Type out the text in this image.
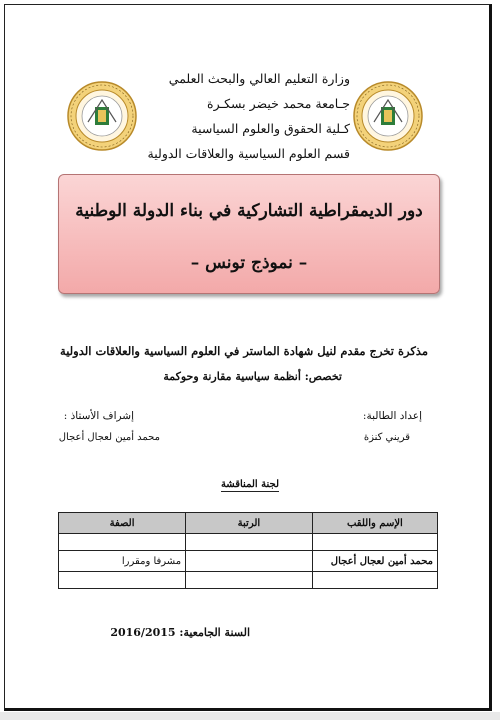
وزارة التعليم العالي والبحث العلمي
جـامعة محمد خيضر بسكـرة
كـلية الحقوق والعلوم السياسية
قسم العلوم السياسية والعلاقات الدولية
دور الديمقراطية التشاركية في بناء الدولة الوطنية
– نموذج تونس –
مذكرة تخرج مقدم لنيل شهادة الماستر في العلوم السياسية والعلاقات الدولية
تخصص: أنظمة سياسية مقارنة وحوكمة
إعداد الطالبة:
قريني كنزة
إشراف الأستاذ :
محمد أمين لعجال أعجال
لجنة المناقشة
الإسم واللقب	الرتبة	الصفة

محمد أمين لعجال أعجال		مشرفا ومقررا

السنة الجامعية: 2016/2015
